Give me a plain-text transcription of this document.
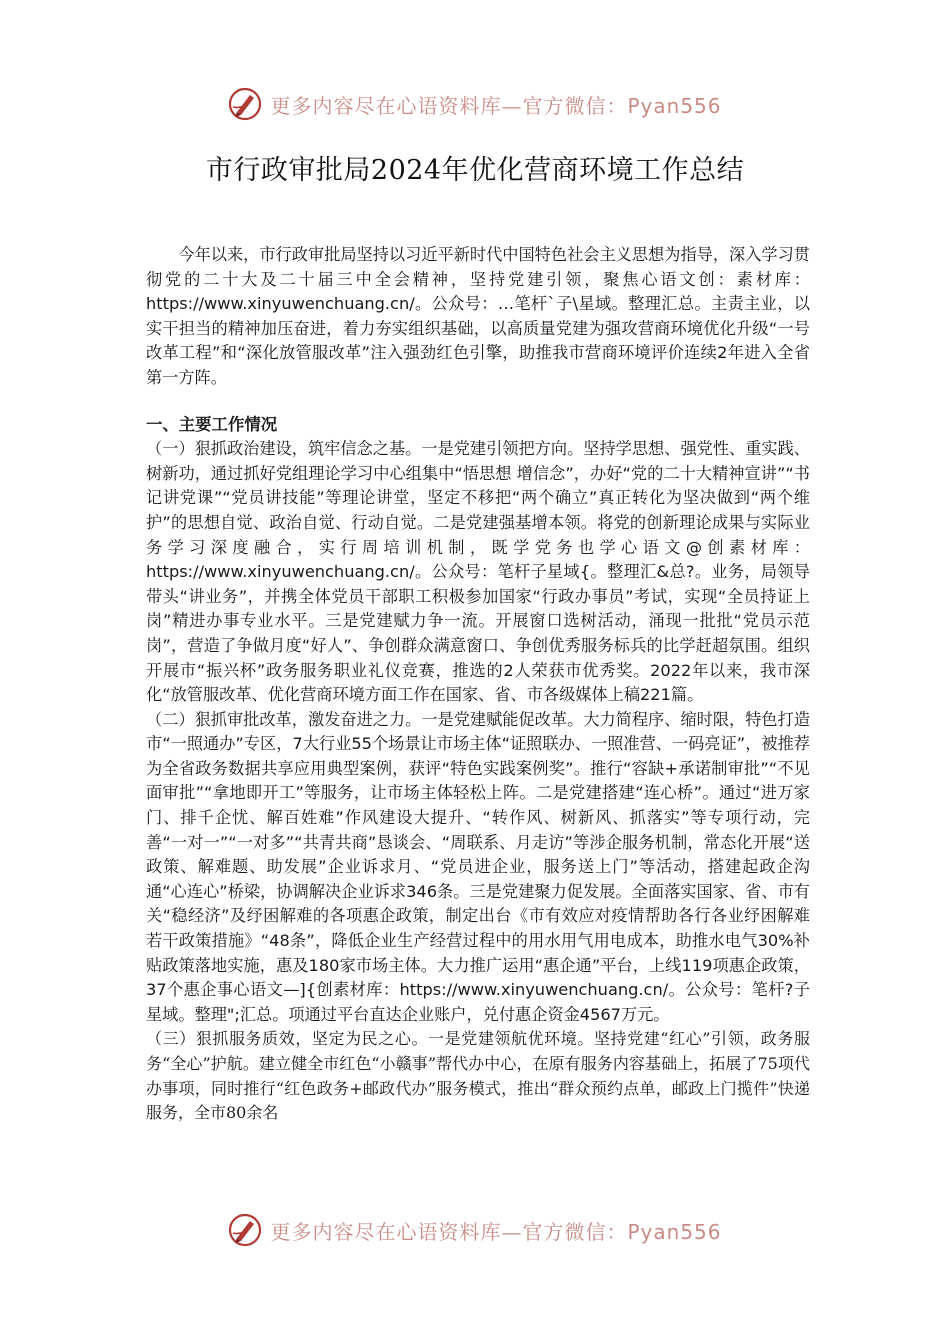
更多内容尽在心语资料库—官方微信：Pyan556
市行政审批局2024年优化营商环境工作总结

今年以来，市行政审批局坚持以习近平新时代中国特色社会主义思想为指导，深入学习贯彻党的二十大及二十届三中全会精神，坚持党建引领，聚焦心语文创：素材库：https://www.xinyuwenchuang.cn/。公众号：…笔杆`子\星域。整理汇总。主责主业，以实干担当的精神加压奋进，着力夯实组织基础，以高质量党建为强攻营商环境优化升级“一号改革工程”和“深化放管服改革”注入强劲红色引擎，助推我市营商环境评价连续2年进入全省第一方阵。

一、主要工作情况

（一）狠抓政治建设，筑牢信念之基。一是党建引领把方向。坚持学思想、强党性、重实践、树新功，通过抓好党组理论学习中心组集中“悟思想 增信念”，办好“党的二十大精神宣讲”“书记讲党课”“党员讲技能”等理论讲堂，坚定不移把“两个确立”真正转化为坚决做到“两个维护”的思想自觉、政治自觉、行动自觉。二是党建强基增本领。将党的创新理论成果与实际业务学习深度融合，实行周培训机制，既学党务也学心语文@创素材库：https://www.xinyuwenchuang.cn/。公众号：笔杆子星域{。整理汇&总?。业务，局领导带头“讲业务”，并携全体党员干部职工积极参加国家“行政办事员”考试，实现“全员持证上岗”精进办事专业水平。三是党建赋力争一流。开展窗口选树活动，涌现一批批“党员示范岗”，营造了争做月度“好人”、争创群众满意窗口、争创优秀服务标兵的比学赶超氛围。组织开展市“振兴杯”政务服务职业礼仪竞赛，推选的2人荣获市优秀奖。2022年以来，我市深化“放管服改革、优化营商环境方面工作在国家、省、市各级媒体上稿221篇。

（二）狠抓审批改革，激发奋进之力。一是党建赋能促改革。大力简程序、缩时限，特色打造市“一照通办”专区，7大行业55个场景让市场主体“证照联办、一照准营、一码亮证”，被推荐为全省政务数据共享应用典型案例，获评“特色实践案例奖”。推行“容缺+承诺制审批”“不见面审批”“拿地即开工”等服务，让市场主体轻松上阵。二是党建搭建“连心桥”。通过“进万家门、排千企忧、解百姓难”作风建设大提升、“转作风、树新风、抓落实”等专项行动，完善“一对一”“一对多”“共青共商”恳谈会、“周联系、月走访”等涉企服务机制，常态化开展“送政策、解难题、助发展”企业诉求月、“党员进企业，服务送上门”等活动，搭建起政企沟通“心连心”桥梁，协调解决企业诉求346条。三是党建聚力促发展。全面落实国家、省、市有关“稳经济”及纾困解难的各项惠企政策，制定出台《市有效应对疫情帮助各行各业纾困解难若干政策措施》“48条”，降低企业生产经营过程中的用水用气用电成本，助推水电气30%补贴政策落地实施，惠及180家市场主体。大力推广运用“惠企通”平台，上线119项惠企政策，37个惠企事心语文—]{创素材库：https://www.xinyuwenchuang.cn/。公众号：笔杆?子星域。整理";汇总。项通过平台直达企业账户，兑付惠企资金4567万元。

（三）狠抓服务质效，坚定为民之心。一是党建领航优环境。坚持党建“红心”引领，政务服务“全心”护航。建立健全市红色“小赣事”帮代办中心，在原有服务内容基础上，拓展了75项代办事项，同时推行“红色政务+邮政代办”服务模式，推出“群众预约点单，邮政上门揽件”快递服务，全市80余名

更多内容尽在心语资料库—官方微信：Pyan556
